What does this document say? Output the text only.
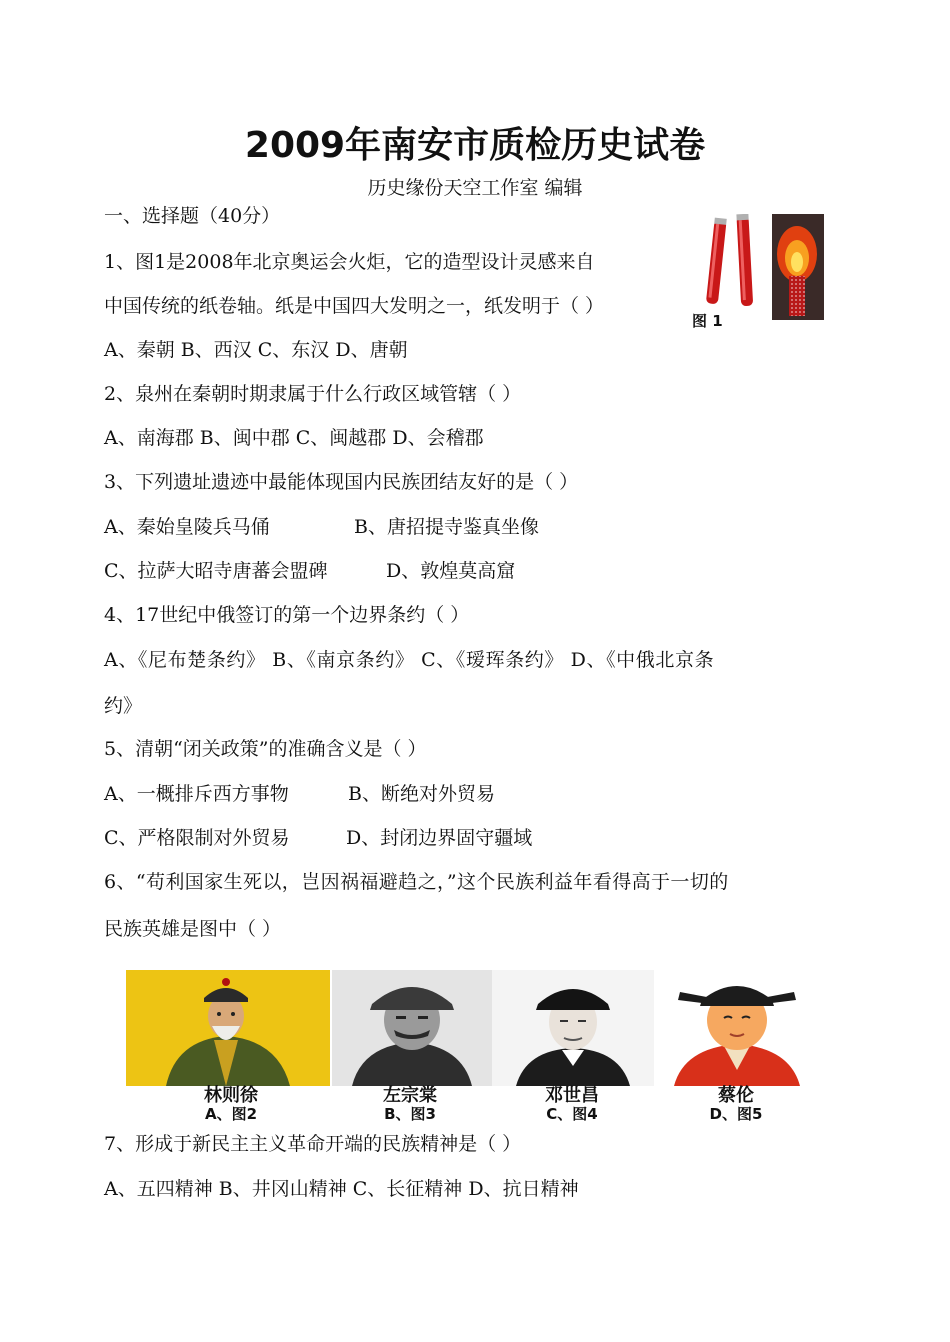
2009年南安市质检历史试卷
历史缘份天空工作室 编辑
一、选择题（40分）
图 1
1、图1是2008年北京奥运会火炬，它的造型设计灵感来自
中国传统的纸卷轴。纸是中国四大发明之一，纸发明于（ ）
A、秦朝 B、西汉 C、东汉 D、唐朝
2、泉州在秦朝时期隶属于什么行政区域管辖（ ）
A、南海郡 B、闽中郡 C、闽越郡 D、会稽郡
3、下列遗址遗迹中最能体现国内民族团结友好的是（ ）
A、秦始皇陵兵马俑	B、唐招提寺鉴真坐像
C、拉萨大昭寺唐蕃会盟碑	D、敦煌莫高窟
4、17世纪中俄签订的第一个边界条约（ ）
A、《尼布楚条约》 B、《南京条约》 C、《瑷珲条约》 D、《中俄北京条
约》
5、清朝“闭关政策”的准确含义是（ ）
A、一概排斥西方事物	B、断绝对外贸易
C、严格限制对外贸易	D、封闭边界固守疆域
6、“苟利国家生死以，岂因祸福避趋之，”这个民族利益年看得高于一切的
民族英雄是图中（ ）
林则徐
A、图2
左宗棠
B、图3
邓世昌
C、图4
蔡伦
D、图5
7、形成于新民主主义革命开端的民族精神是（ ）
A、五四精神 B、井冈山精神 C、长征精神 D、抗日精神
